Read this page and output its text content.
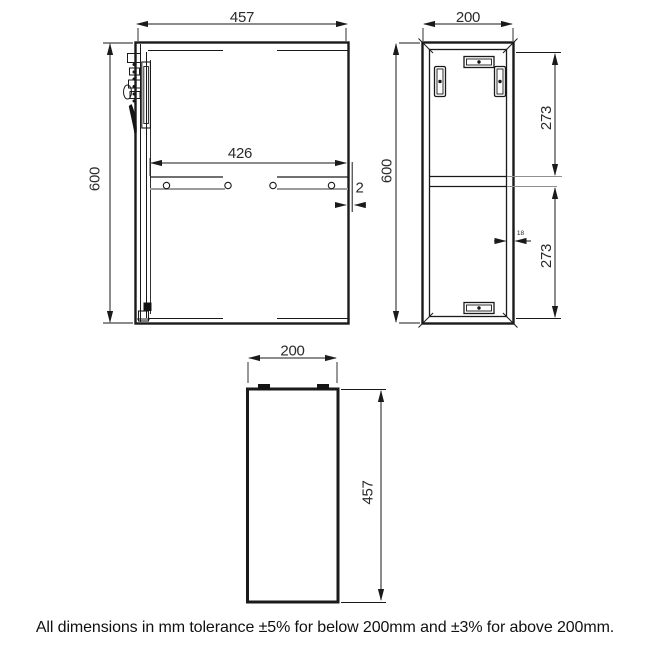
457
600
426
2
200
600
273
273
18
200
457
All dimensions in mm tolerance ±5% for below 200mm and ±3% for above 200mm.
